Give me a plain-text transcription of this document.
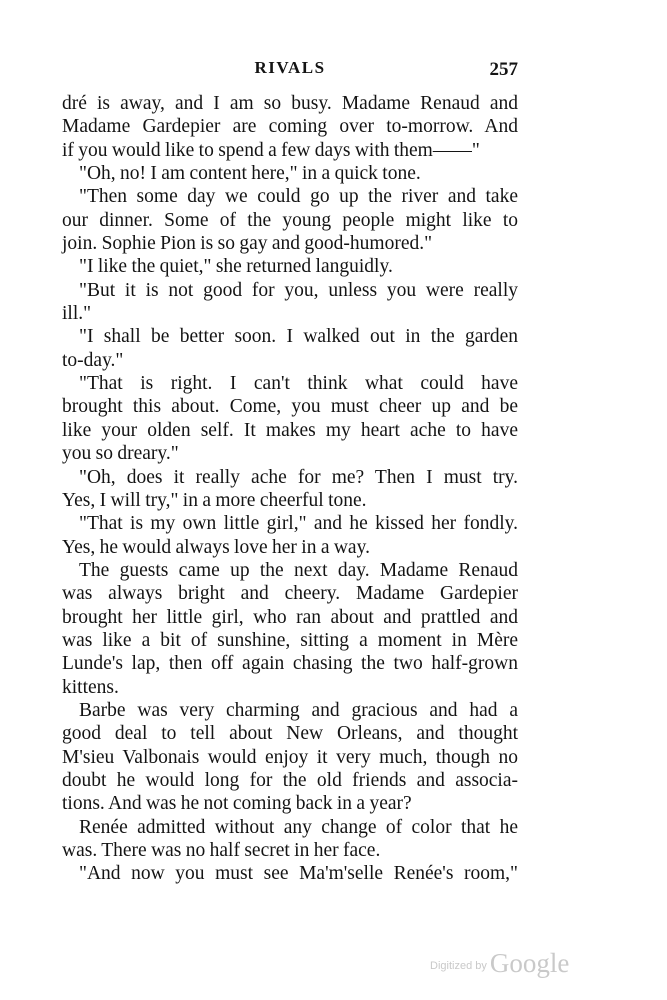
RIVALS	257
dré is away, and I am so busy. Madame Renaud and
Madame Gardepier are coming over to-morrow. And
if you would like to spend a few days with them——"
"Oh, no! I am content here," in a quick tone.
"Then some day we could go up the river and take
our dinner. Some of the young people might like to
join. Sophie Pion is so gay and good-humored."
"I like the quiet," she returned languidly.
"But it is not good for you, unless you were really
ill."
"I shall be better soon. I walked out in the garden
to-day."
"That is right. I can't think what could have
brought this about. Come, you must cheer up and be
like your olden self. It makes my heart ache to have
you so dreary."
"Oh, does it really ache for me? Then I must try.
Yes, I will try," in a more cheerful tone.
"That is my own little girl," and he kissed her fondly.
Yes, he would always love her in a way.
The guests came up the next day. Madame Renaud
was always bright and cheery. Madame Gardepier
brought her little girl, who ran about and prattled and
was like a bit of sunshine, sitting a moment in Mère
Lunde's lap, then off again chasing the two half-grown
kittens.
Barbe was very charming and gracious and had a
good deal to tell about New Orleans, and thought
M'sieu Valbonais would enjoy it very much, though no
doubt he would long for the old friends and associa-
tions. And was he not coming back in a year?
Renée admitted without any change of color that he
was. There was no half secret in her face.
"And now you must see Ma'm'selle Renée's room,"
Digitized by Google
